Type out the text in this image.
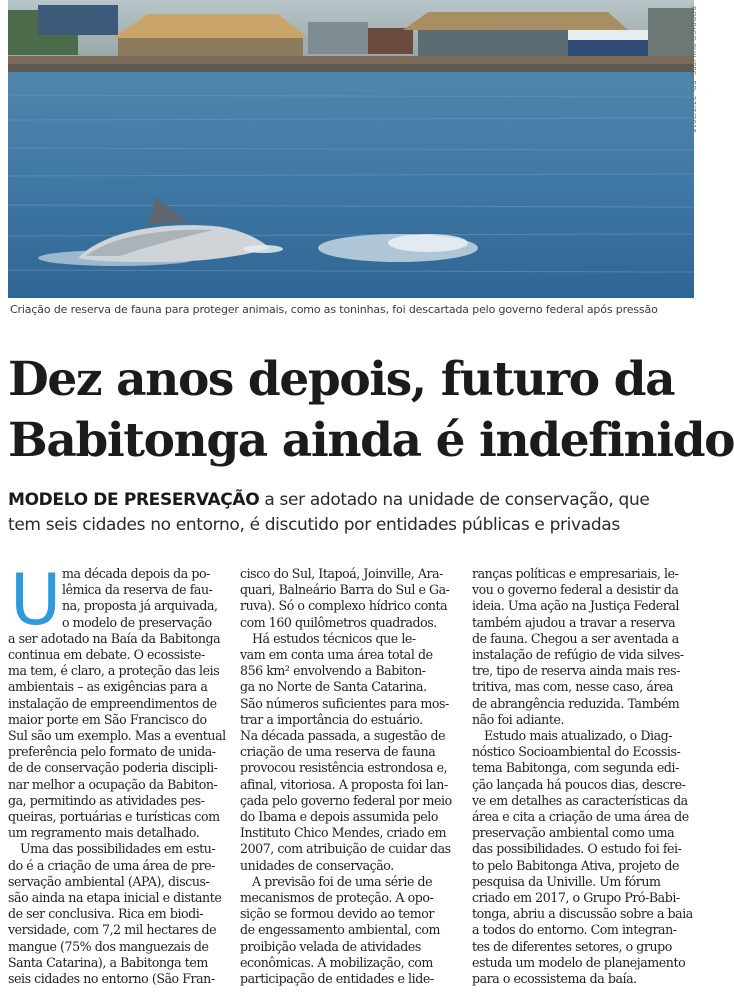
RODRIGO PHILIPPS, BD, 27/7/2015
Criação de reserva de fauna para proteger animais, como as toninhas, foi descartada pelo governo federal após pressão
Dez anos depois, futuro da
Babitonga ainda é indefinido
MODELO DE PRESERVAÇÃO a ser adotado na unidade de conservação, que
tem seis cidades no entorno, é discutido por entidades públicas e privadas
U ma década depois da po-
lêmica da reserva de fau-
na, proposta já arquivada,
o modelo de preservação
a ser adotado na Baía da Babitonga
continua em debate. O ecossiste-
ma tem, é claro, a proteção das leis
ambientais – as exigências para a
instalação de empreendimentos de
maior porte em São Francisco do
Sul são um exemplo. Mas a eventual
preferência pelo formato de unida-
de de conservação poderia discipli-
nar melhor a ocupação da Babiton-
ga, permitindo as atividades pes-
queiras, portuárias e turísticas com
um regramento mais detalhado.
Uma das possibilidades em estu-
do é a criação de uma área de pre-
servação ambiental (APA), discus-
são ainda na etapa inicial e distante
de ser conclusiva. Rica em biodi-
versidade, com 7,2 mil hectares de
mangue (75% dos manguezais de
Santa Catarina), a Babitonga tem
seis cidades no entorno (São Fran-
cisco do Sul, Itapoá, Joinville, Ara-
quari, Balneário Barra do Sul e Ga-
ruva). Só o complexo hídrico conta
com 160 quilômetros quadrados.
Há estudos técnicos que le-
vam em conta uma área total de
856 km² envolvendo a Babiton-
ga no Norte de Santa Catarina.
São números suficientes para mos-
trar a importância do estuário.
Na década passada, a sugestão de
criação de uma reserva de fauna
provocou resistência estrondosa e,
afinal, vitoriosa. A proposta foi lan-
çada pelo governo federal por meio
do Ibama e depois assumida pelo
Instituto Chico Mendes, criado em
2007, com atribuição de cuidar das
unidades de conservação.
A previsão foi de uma série de
mecanismos de proteção. A opo-
sição se formou devido ao temor
de engessamento ambiental, com
proibição velada de atividades
econômicas. A mobilização, com
participação de entidades e lide-
ranças políticas e empresariais, le-
vou o governo federal a desistir da
ideia. Uma ação na Justiça Federal
também ajudou a travar a reserva
de fauna. Chegou a ser aventada a
instalação de refúgio de vida silves-
tre, tipo de reserva ainda mais res-
tritiva, mas com, nesse caso, área
de abrangência reduzida. Também
não foi adiante.
Estudo mais atualizado, o Diag-
nóstico Socioambiental do Ecossis-
tema Babitonga, com segunda edi-
ção lançada há poucos dias, descre-
ve em detalhes as características da
área e cita a criação de uma área de
preservação ambiental como uma
das possibilidades. O estudo foi fei-
to pelo Babitonga Ativa, projeto de
pesquisa da Univille. Um fórum
criado em 2017, o Grupo Pró-Babi-
tonga, abriu a discussão sobre a baia
a todos do entorno. Com integran-
tes de diferentes setores, o grupo
estuda um modelo de planejamento
para o ecossistema da baía.
